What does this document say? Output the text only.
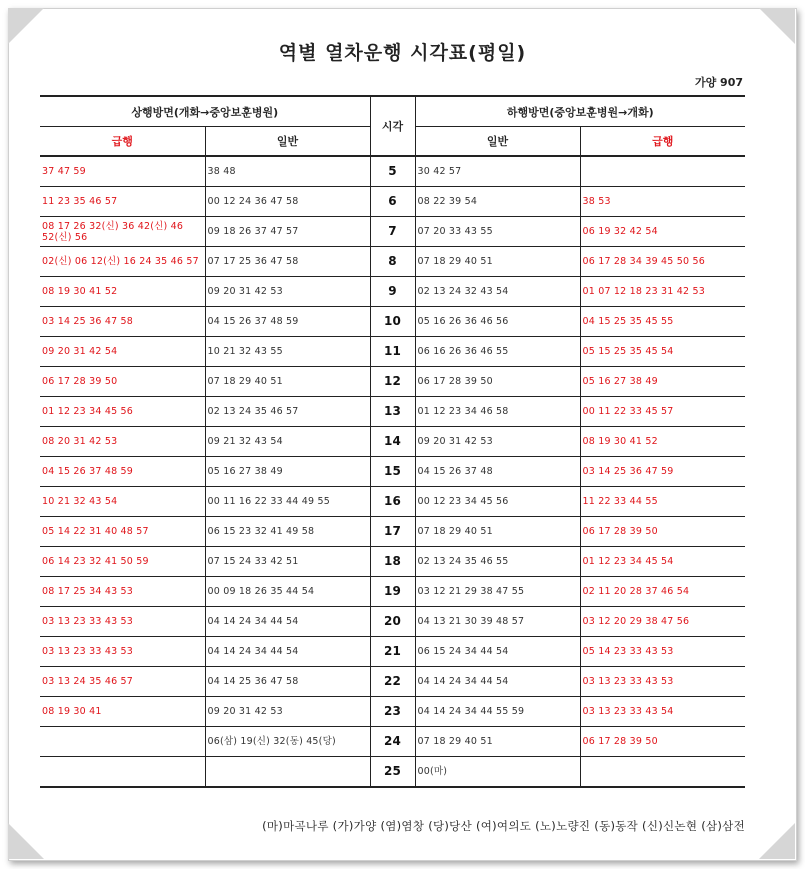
역별 열차운행 시각표(평일)
가양 907
상행방면(개화→중앙보훈병원)		시각	하행방면(중앙보훈병원→개화)	
급행	일반		일반	급행
37 47 59	38 48	5	30 42 57	
11 23 35 46 57	00 12 24 36 47 58	6	08 22 39 54	38 53
08 17 26 32(신) 36 42(신) 46 52(신) 56	09 18 26 37 47 57	7	07 20 33 43 55	06 19 32 42 54
02(신) 06 12(신) 16 24 35 46 57	07 17 25 36 47 58	8	07 18 29 40 51	06 17 28 34 39 45 50 56
08 19 30 41 52	09 20 31 42 53	9	02 13 24 32 43 54	01 07 12 18 23 31 42 53
03 14 25 36 47 58	04 15 26 37 48 59	10	05 16 26 36 46 56	04 15 25 35 45 55
09 20 31 42 54	10 21 32 43 55	11	06 16 26 36 46 55	05 15 25 35 45 54
06 17 28 39 50	07 18 29 40 51	12	06 17 28 39 50	05 16 27 38 49
01 12 23 34 45 56	02 13 24 35 46 57	13	01 12 23 34 46 58	00 11 22 33 45 57
08 20 31 42 53	09 21 32 43 54	14	09 20 31 42 53	08 19 30 41 52
04 15 26 37 48 59	05 16 27 38 49	15	04 15 26 37 48	03 14 25 36 47 59
10 21 32 43 54	00 11 16 22 33 44 49 55	16	00 12 23 34 45 56	11 22 33 44 55
05 14 22 31 40 48 57	06 15 23 32 41 49 58	17	07 18 29 40 51	06 17 28 39 50
06 14 23 32 41 50 59	07 15 24 33 42 51	18	02 13 24 35 46 55	01 12 23 34 45 54
08 17 25 34 43 53	00 09 18 26 35 44 54	19	03 12 21 29 38 47 55	02 11 20 28 37 46 54
03 13 23 33 43 53	04 14 24 34 44 54	20	04 13 21 30 39 48 57	03 12 20 29 38 47 56
03 13 23 33 43 53	04 14 24 34 44 54	21	06 15 24 34 44 54	05 14 23 33 43 53
03 13 24 35 46 57	04 14 25 36 47 58	22	04 14 24 34 44 54	03 13 23 33 43 53
08 19 30 41	09 20 31 42 53	23	04 14 24 34 44 55 59	03 13 23 33 43 54
	06(삼) 19(신) 32(동) 45(당)	24	07 18 29 40 51	06 17 28 39 50
		25	00(마)	
(마)마곡나루 (가)가양 (염)염창 (당)당산 (여)여의도 (노)노량진 (동)동작 (신)신논현 (삼)삼전
